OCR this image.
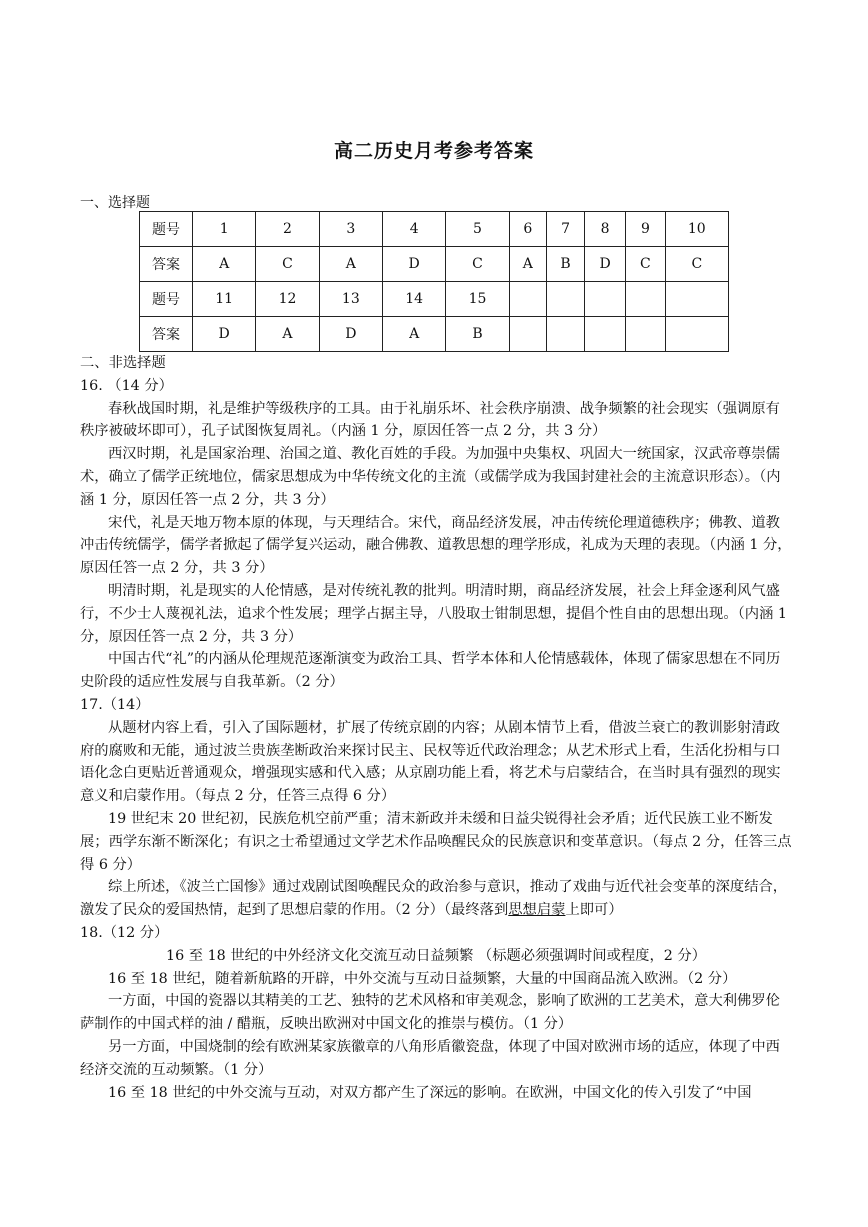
高二历史月考参考答案
一、选择题
题号	1	2	3	4	5	6	7	8	9	10
答案	A	C	A	D	C	A	B	D	C	C
题号	11	12	13	14	15					
答案	D	A	D	A	B					

二、非选择题

16. （14 分）

春秋战国时期，礼是维护等级秩序的工具。由于礼崩乐坏、社会秩序崩溃、战争频繁的社会现实（强调原有秩序被破坏即可），孔子试图恢复周礼。（内涵 1 分，原因任答一点 2 分，共 3 分）

西汉时期，礼是国家治理、治国之道、教化百姓的手段。为加强中央集权、巩固大一统国家，汉武帝尊崇儒术，确立了儒学正统地位，儒家思想成为中华传统文化的主流（或儒学成为我国封建社会的主流意识形态）。（内涵 1 分，原因任答一点 2 分，共 3 分）

宋代，礼是天地万物本原的体现，与天理结合。宋代，商品经济发展，冲击传统伦理道德秩序；佛教、道教冲击传统儒学，儒学者掀起了儒学复兴运动，融合佛教、道教思想的理学形成，礼成为天理的表现。（内涵 1 分，原因任答一点 2 分，共 3 分）

明清时期，礼是现实的人伦情感，是对传统礼教的批判。明清时期，商品经济发展，社会上拜金逐利风气盛行，不少士人蔑视礼法，追求个性发展；理学占据主导，八股取士钳制思想，提倡个性自由的思想出现。（内涵 1 分，原因任答一点 2 分，共 3 分）

中国古代“礼”的内涵从伦理规范逐渐演变为政治工具、哲学本体和人伦情感载体，体现了儒家思想在不同历史阶段的适应性发展与自我革新。（2 分）

17.（14）

从题材内容上看，引入了国际题材，扩展了传统京剧的内容；从剧本情节上看，借波兰衰亡的教训影射清政府的腐败和无能，通过波兰贵族垄断政治来探讨民主、民权等近代政治理念；从艺术形式上看，生活化扮相与口语化念白更贴近普通观众，增强现实感和代入感；从京剧功能上看，将艺术与启蒙结合，在当时具有强烈的现实意义和启蒙作用。（每点 2 分，任答三点得 6 分）

19 世纪末 20 世纪初，民族危机空前严重；清末新政并未缓和日益尖锐得社会矛盾；近代民族工业不断发展；西学东渐不断深化；有识之士希望通过文学艺术作品唤醒民众的民族意识和变革意识。（每点 2 分，任答三点得 6 分）

综上所述，《波兰亡国惨》通过戏剧试图唤醒民众的政治参与意识，推动了戏曲与近代社会变革的深度结合，激发了民众的爱国热情，起到了思想启蒙的作用。（2 分）（最终落到思想启蒙上即可）

18.（12 分）

16 至 18 世纪的中外经济文化交流互动日益频繁 （标题必须强调时间或程度，2 分）

16 至 18 世纪，随着新航路的开辟，中外交流与互动日益频繁，大量的中国商品流入欧洲。（2 分）

一方面，中国的瓷器以其精美的工艺、独特的艺术风格和审美观念，影响了欧洲的工艺美术，意大利佛罗伦萨制作的中国式样的油 / 醋瓶，反映出欧洲对中国文化的推崇与模仿。（1 分）

另一方面，中国烧制的绘有欧洲某家族徽章的八角形盾徽瓷盘，体现了中国对欧洲市场的适应，体现了中西经济交流的互动频繁。（1 分）

16 至 18 世纪的中外交流与互动，对双方都产生了深远的影响。在欧洲，中国文化的传入引发了“中国
